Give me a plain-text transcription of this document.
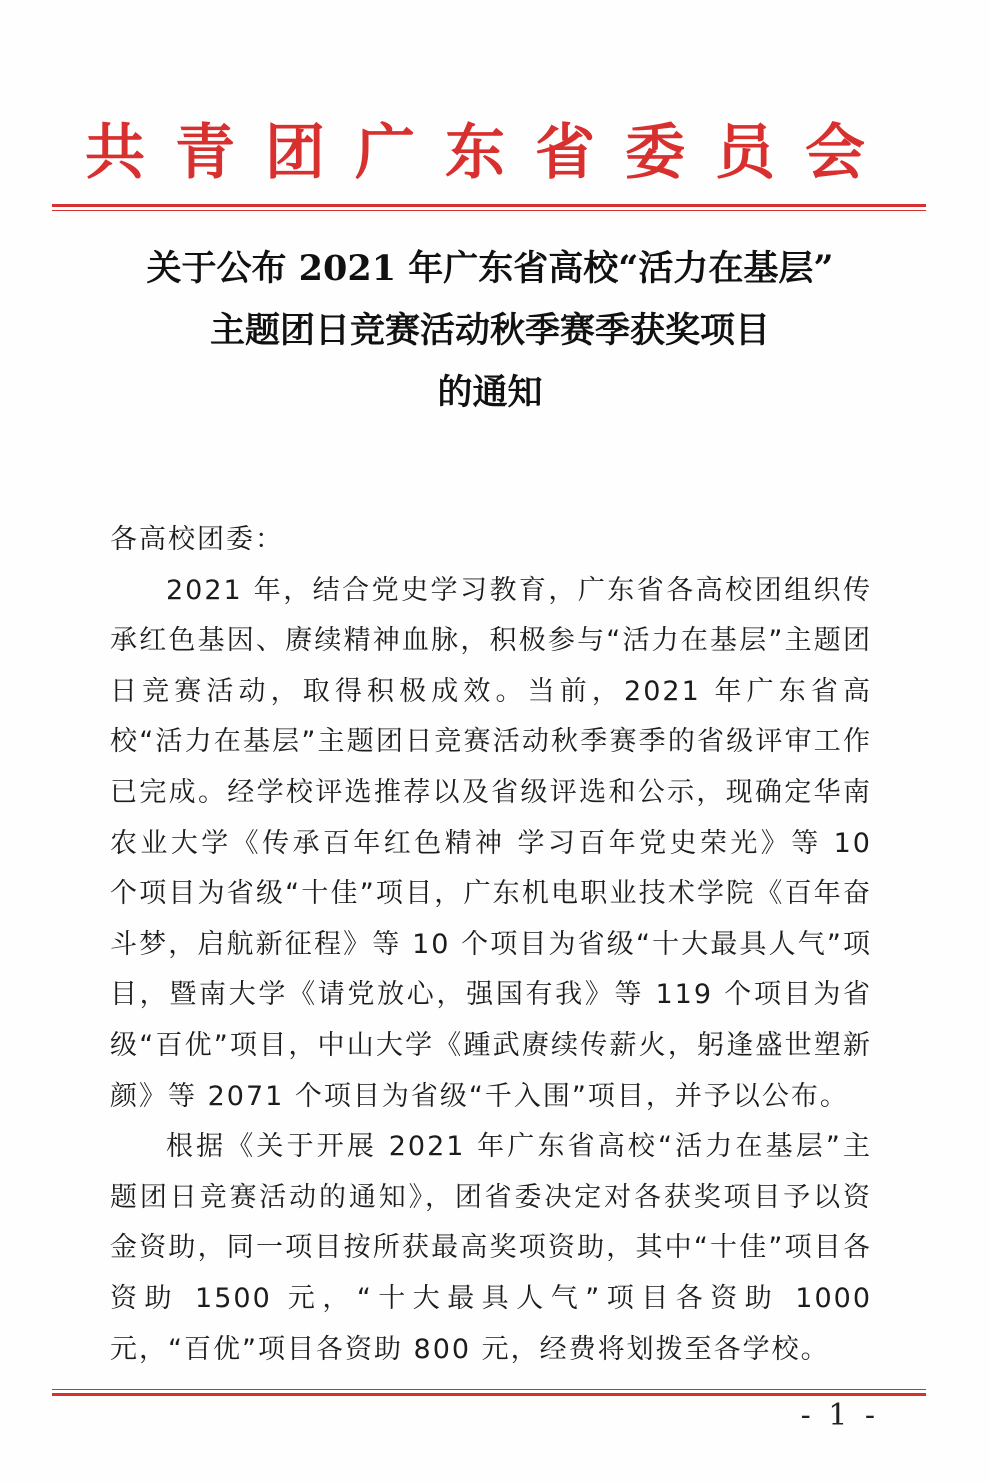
共青团广东省委员会
关于公布 2021 年广东省高校“活力在基层”
主题团日竞赛活动秋季赛季获奖项目
的通知

各高校团委：

2021 年，结合党史学习教育，广东省各高校团组织传承红色基因、赓续精神血脉，积极参与“活力在基层”主题团日竞赛活动，取得积极成效。当前，2021 年广东省高校“活力在基层”主题团日竞赛活动秋季赛季的省级评审工作已完成。经学校评选推荐以及省级评选和公示，现确定华南农业大学《传承百年红色精神 学习百年党史荣光》等 10 个项目为省级“十佳”项目，广东机电职业技术学院《百年奋斗梦，启航新征程》等 10 个项目为省级“十大最具人气”项目，暨南大学《请党放心，强国有我》等 119 个项目为省级“百优”项目，中山大学《踵武赓续传薪火，躬逢盛世塑新颜》等 2071 个项目为省级“千入围”项目，并予以公布。

根据《关于开展 2021 年广东省高校“活力在基层”主题团日竞赛活动的通知》，团省委决定对各获奖项目予以资金资助，同一项目按所获最高奖项资助，其中“十佳”项目各资助 1500 元，“十大最具人气”项目各资助 1000 元，“百优”项目各资助 800 元，经费将划拨至各学校。

- 1 -
